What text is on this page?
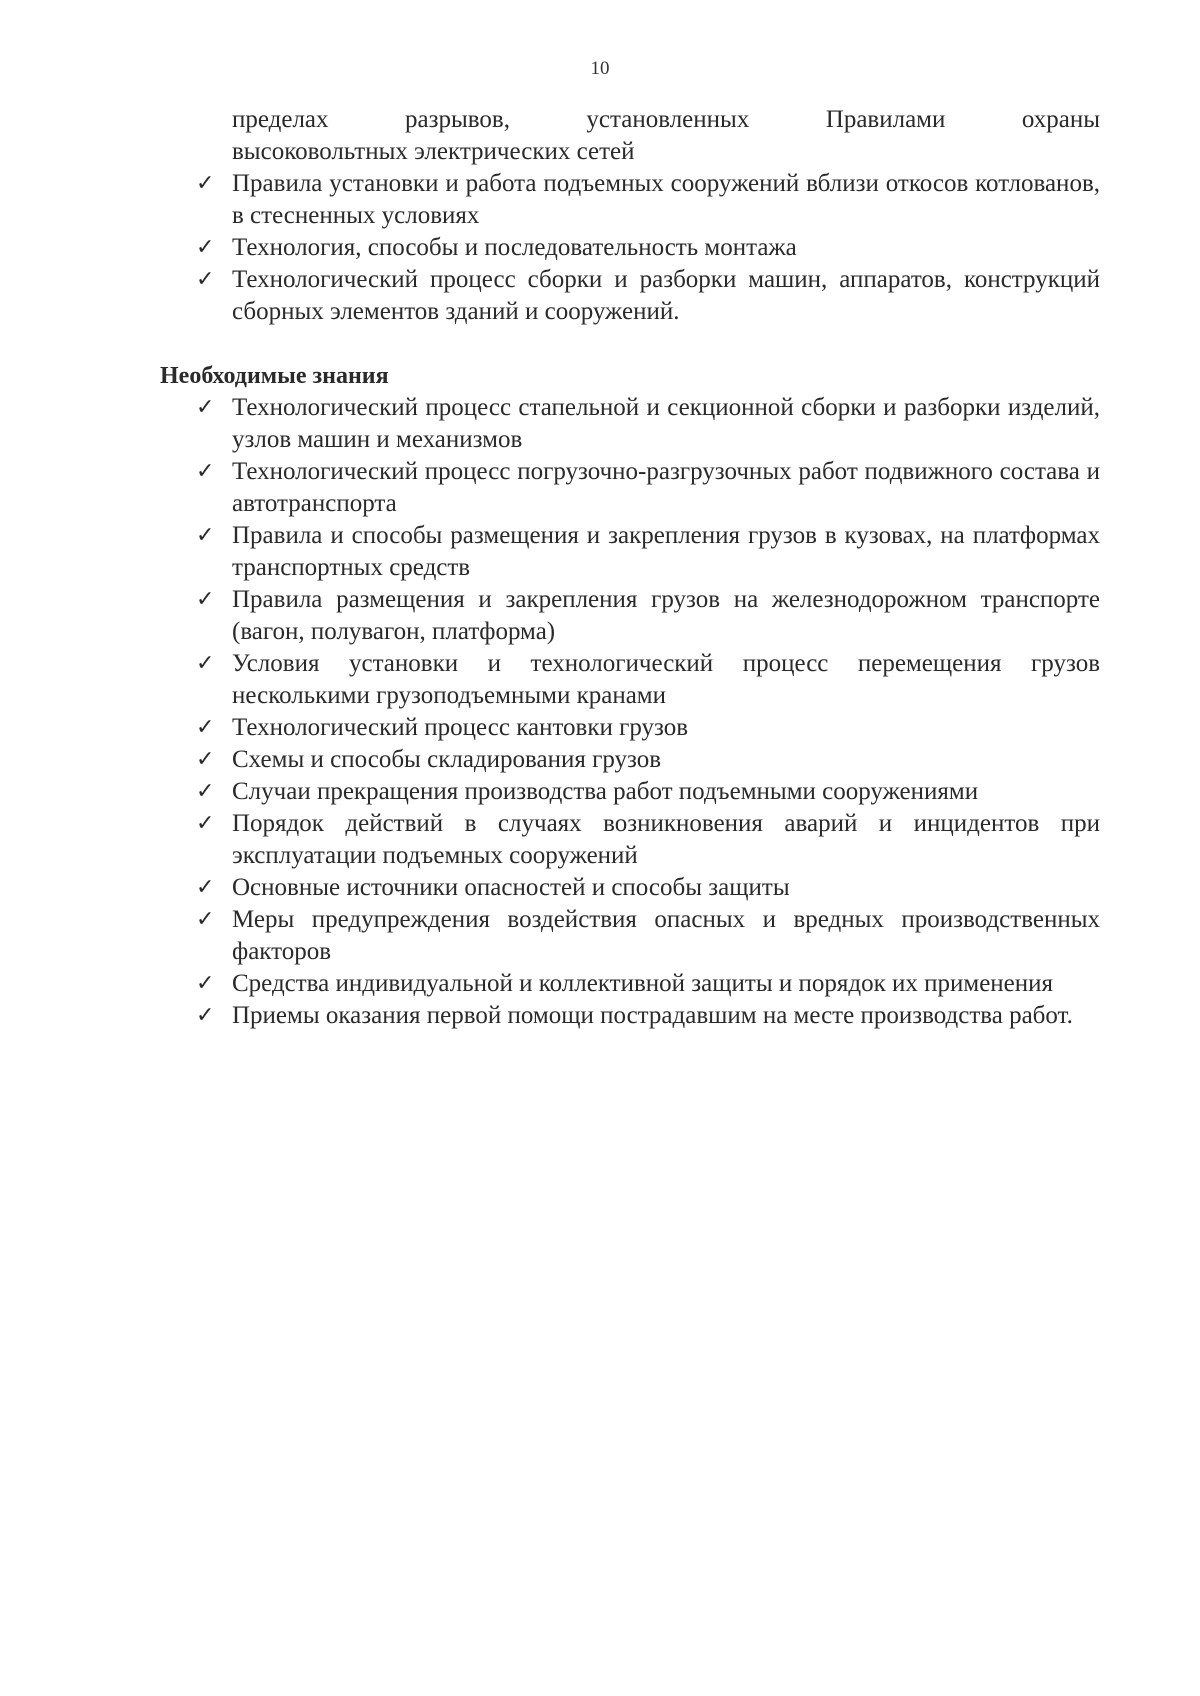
10
пределах разрывов, установленных Правилами охраны
высоковольтных электрических сетей
✓ Правила установки и работа подъемных сооружений вблизи откосов котлованов, в стесненных условиях
✓ Технология, способы и последовательность монтажа
✓ Технологический процесс сборки и разборки машин, аппаратов, конструкций сборных элементов зданий и сооружений.
Необходимые знания
✓ Технологический процесс стапельной и секционной сборки и разборки изделий, узлов машин и механизмов
✓ Технологический процесс погрузочно-разгрузочных работ подвижного состава и автотранспорта
✓ Правила и способы размещения и закрепления грузов в кузовах, на платформах транспортных средств
✓ Правила размещения и закрепления грузов на железнодорожном транспорте (вагон, полувагон, платформа)
✓ Условия установки и технологический процесс перемещения грузов несколькими грузоподъемными кранами
✓ Технологический процесс кантовки грузов
✓ Схемы и способы складирования грузов
✓ Случаи прекращения производства работ подъемными сооружениями
✓ Порядок действий в случаях возникновения аварий и инцидентов при эксплуатации подъемных сооружений
✓ Основные источники опасностей и способы защиты
✓ Меры предупреждения воздействия опасных и вредных производственных факторов
✓ Средства индивидуальной и коллективной защиты и порядок их применения
✓ Приемы оказания первой помощи пострадавшим на месте производства работ.
